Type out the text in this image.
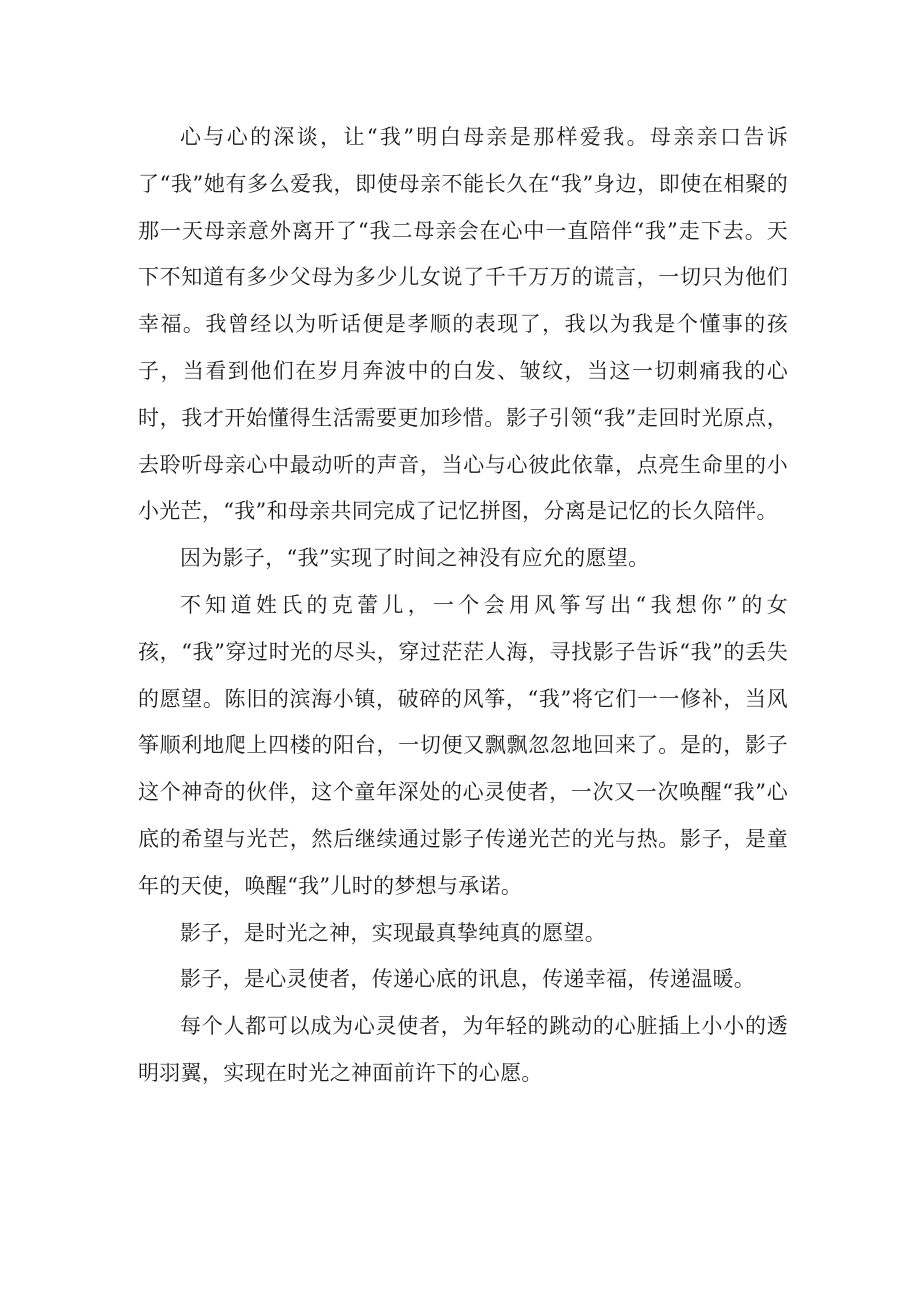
心与心的深谈，让“我”明白母亲是那样爱我。母亲亲口告诉了“我”她有多么爱我，即使母亲不能长久在“我”身边，即使在相聚的那一天母亲意外离开了“我二母亲会在心中一直陪伴“我”走下去。天下不知道有多少父母为多少儿女说了千千万万的谎言，一切只为他们幸福。我曾经以为听话便是孝顺的表现了，我以为我是个懂事的孩子，当看到他们在岁月奔波中的白发、皱纹，当这一切刺痛我的心时，我才开始懂得生活需要更加珍惜。影子引领“我”走回时光原点，去聆听母亲心中最动听的声音，当心与心彼此依靠，点亮生命里的小小光芒，“我”和母亲共同完成了记忆拼图，分离是记忆的长久陪伴。

因为影子，“我”实现了时间之神没有应允的愿望。

不知道姓氏的克蕾儿，一个会用风筝写出“我想你”的女孩，“我”穿过时光的尽头，穿过茫茫人海，寻找影子告诉“我”的丢失的愿望。陈旧的滨海小镇，破碎的风筝，“我”将它们一一修补，当风筝顺利地爬上四楼的阳台，一切便又飘飘忽忽地回来了。是的，影子这个神奇的伙伴，这个童年深处的心灵使者，一次又一次唤醒“我”心底的希望与光芒，然后继续通过影子传递光芒的光与热。影子，是童年的天使，唤醒“我”儿时的梦想与承诺。

影子，是时光之神，实现最真挚纯真的愿望。

影子，是心灵使者，传递心底的讯息，传递幸福，传递温暖。

每个人都可以成为心灵使者，为年轻的跳动的心脏插上小小的透明羽翼，实现在时光之神面前许下的心愿。
